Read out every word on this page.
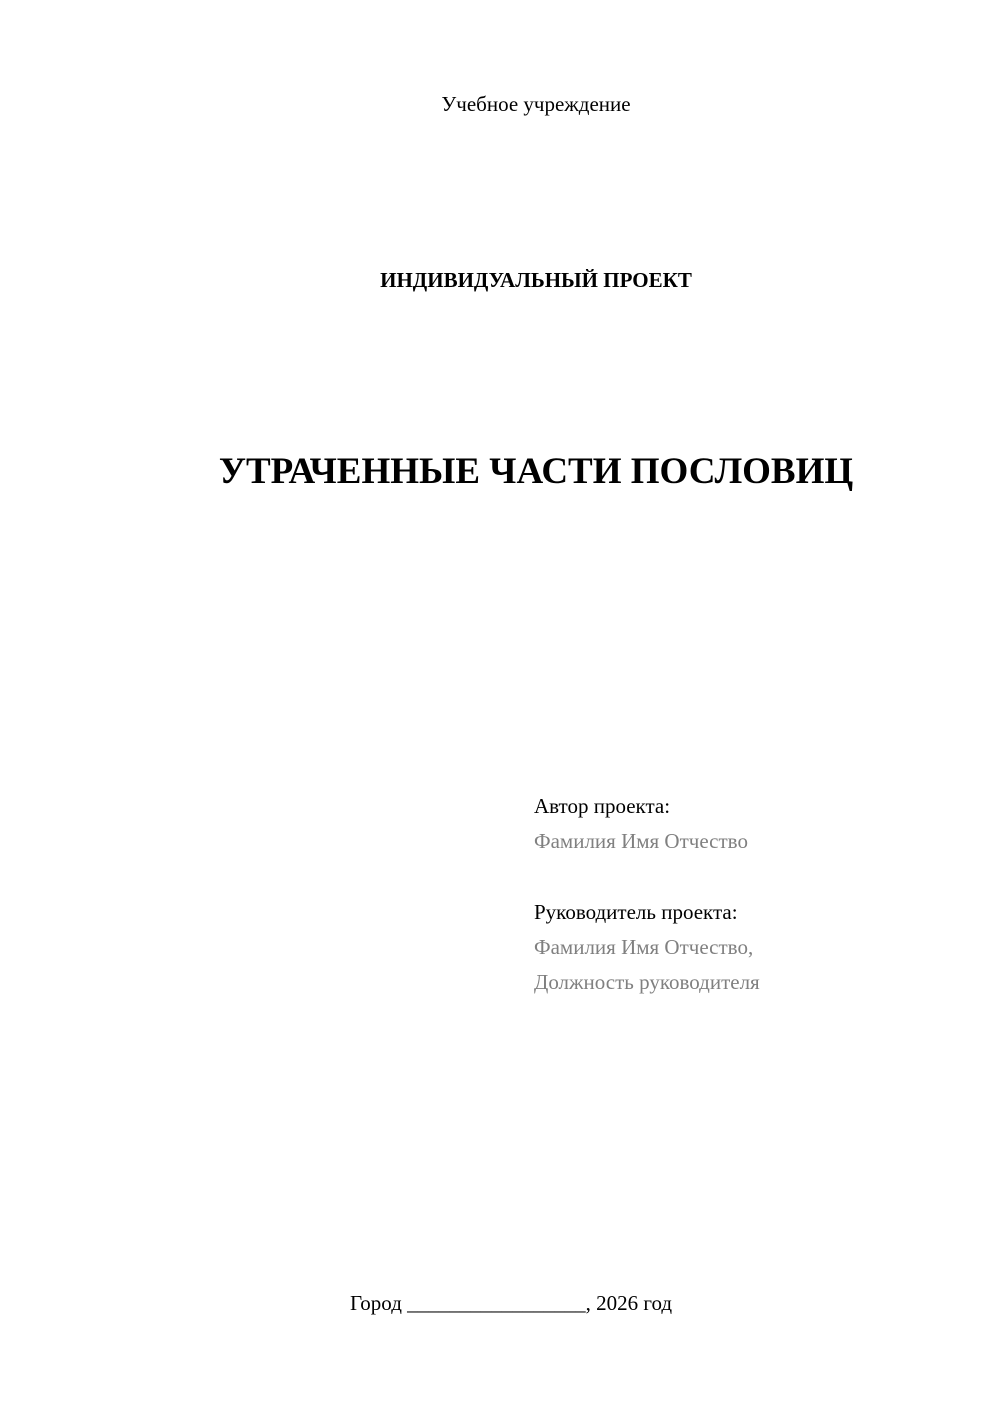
Учебное учреждение
ИНДИВИДУАЛЬНЫЙ ПРОЕКТ
УТРАЧЕННЫЕ ЧАСТИ ПОСЛОВИЦ
Автор проекта:
Фамилия Имя Отчество
Руководитель проекта:
Фамилия Имя Отчество,
Должность руководителя
Город _________________, 2026 год
